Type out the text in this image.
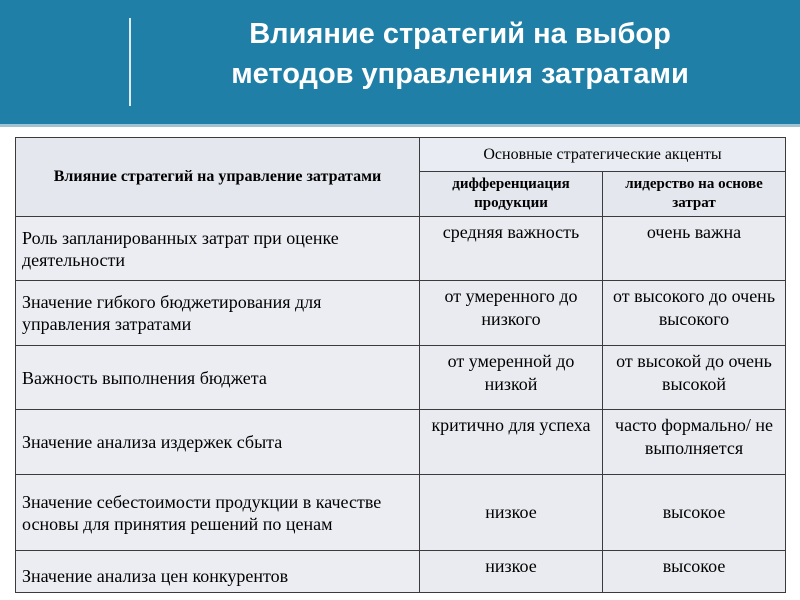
Влияние стратегий на выбор
методов управления затратами
Влияние стратегий на управление затратами	Основные стратегические акценты	
	дифференциация продукции	лидерство на основе затрат
Роль запланированных затрат при оценке деятельности	средняя важность	очень важна
Значение гибкого бюджетирования для управления затратами	от умеренного до низкого	от высокого до очень высокого
Важность выполнения бюджета	от умеренной до низкой	от высокой до очень высокой
Значение анализа издержек сбыта	критично для успеха	часто формально/ не выполняется
Значение себестоимости продукции в качестве основы для принятия решений по ценам	низкое	высокое
Значение анализа цен конкурентов	низкое	высокое
